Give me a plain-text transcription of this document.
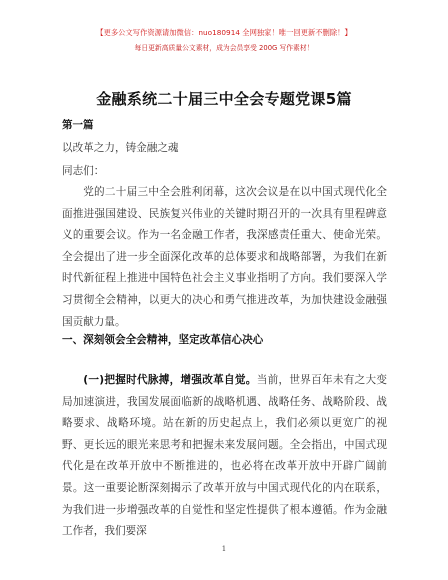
【更多公文写作资源请加微信：nuo180914 全网独家！唯一回更新不删除！】
每日更新高质量公文素材，成为会员享受 200G 写作素材！
金融系统二十届三中全会专题党课5篇
第一篇
以改革之力，铸金融之魂
同志们：
党的二十届三中全会胜利闭幕，这次会议是在以中国式现代化全面推进强国建设、民族复兴伟业的关键时期召开的一次具有里程碑意义的重要会议。作为一名金融工作者，我深感责任重大、使命光荣。全会提出了进一步全面深化改革的总体要求和战略部署，为我们在新时代新征程上推进中国特色社会主义事业指明了方向。我们要深入学习贯彻全会精神，以更大的决心和勇气推进改革，为加快建设金融强国贡献力量。
一、深刻领会全会精神，坚定改革信心决心
(一)把握时代脉搏，增强改革自觉。当前，世界百年未有之大变局加速演进，我国发展面临新的战略机遇、战略任务、战略阶段、战略要求、战略环境。站在新的历史起点上，我们必须以更宽广的视野、更长远的眼光来思考和把握未来发展问题。全会指出，中国式现代化是在改革开放中不断推进的，也必将在改革开放中开辟广阔前景。这一重要论断深刻揭示了改革开放与中国式现代化的内在联系，为我们进一步增强改革的自觉性和坚定性提供了根本遵循。作为金融工作者，我们要深
1
